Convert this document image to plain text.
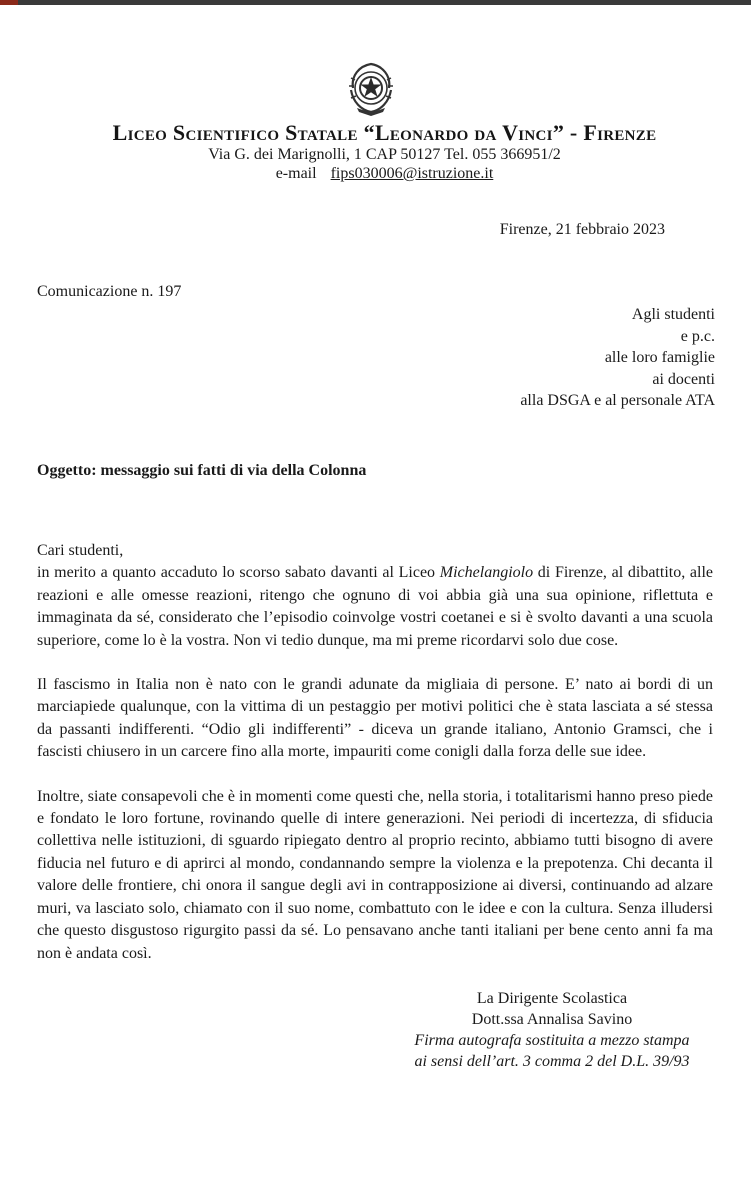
Liceo Scientifico Statale “Leonardo da Vinci” - Firenze
Via G. dei Marignolli, 1 CAP 50127 Tel. 055 366951/2
e-mail fips030006@istruzione.it
Firenze, 21 febbraio 2023
Comunicazione n. 197
Agli studenti
e p.c.
alle loro famiglie
ai docenti
alla DSGA e al personale ATA
Oggetto: messaggio sui fatti di via della Colonna

Cari studenti,
in merito a quanto accaduto lo scorso sabato davanti al Liceo Michelangiolo di Firenze, al dibattito, alle reazioni e alle omesse reazioni, ritengo che ognuno di voi abbia già una sua opinione, riflettuta e immaginata da sé, considerato che l’episodio coinvolge vostri coetanei e si è svolto davanti a una scuola superiore, come lo è la vostra. Non vi tedio dunque, ma mi preme ricordarvi solo due cose.

Il fascismo in Italia non è nato con le grandi adunate da migliaia di persone. E’ nato ai bordi di un marciapiede qualunque, con la vittima di un pestaggio per motivi politici che è stata lasciata a sé stessa da passanti indifferenti. “Odio gli indifferenti” - diceva un grande italiano, Antonio Gramsci, che i fascisti chiusero in un carcere fino alla morte, impauriti come conigli dalla forza delle sue idee.

Inoltre, siate consapevoli che è in momenti come questi che, nella storia, i totalitarismi hanno preso piede e fondato le loro fortune, rovinando quelle di intere generazioni. Nei periodi di incertezza, di sfiducia collettiva nelle istituzioni, di sguardo ripiegato dentro al proprio recinto, abbiamo tutti bisogno di avere fiducia nel futuro e di aprirci al mondo, condannando sempre la violenza e la prepotenza. Chi decanta il valore delle frontiere, chi onora il sangue degli avi in contrapposizione ai diversi, continuando ad alzare muri, va lasciato solo, chiamato con il suo nome, combattuto con le idee e con la cultura. Senza illudersi che questo disgustoso rigurgito passi da sé. Lo pensavano anche tanti italiani per bene cento anni fa ma non è andata così.

La Dirigente Scolastica
Dott.ssa Annalisa Savino
Firma autografa sostituita a mezzo stampa
ai sensi dell’art. 3 comma 2 del D.L. 39/93
